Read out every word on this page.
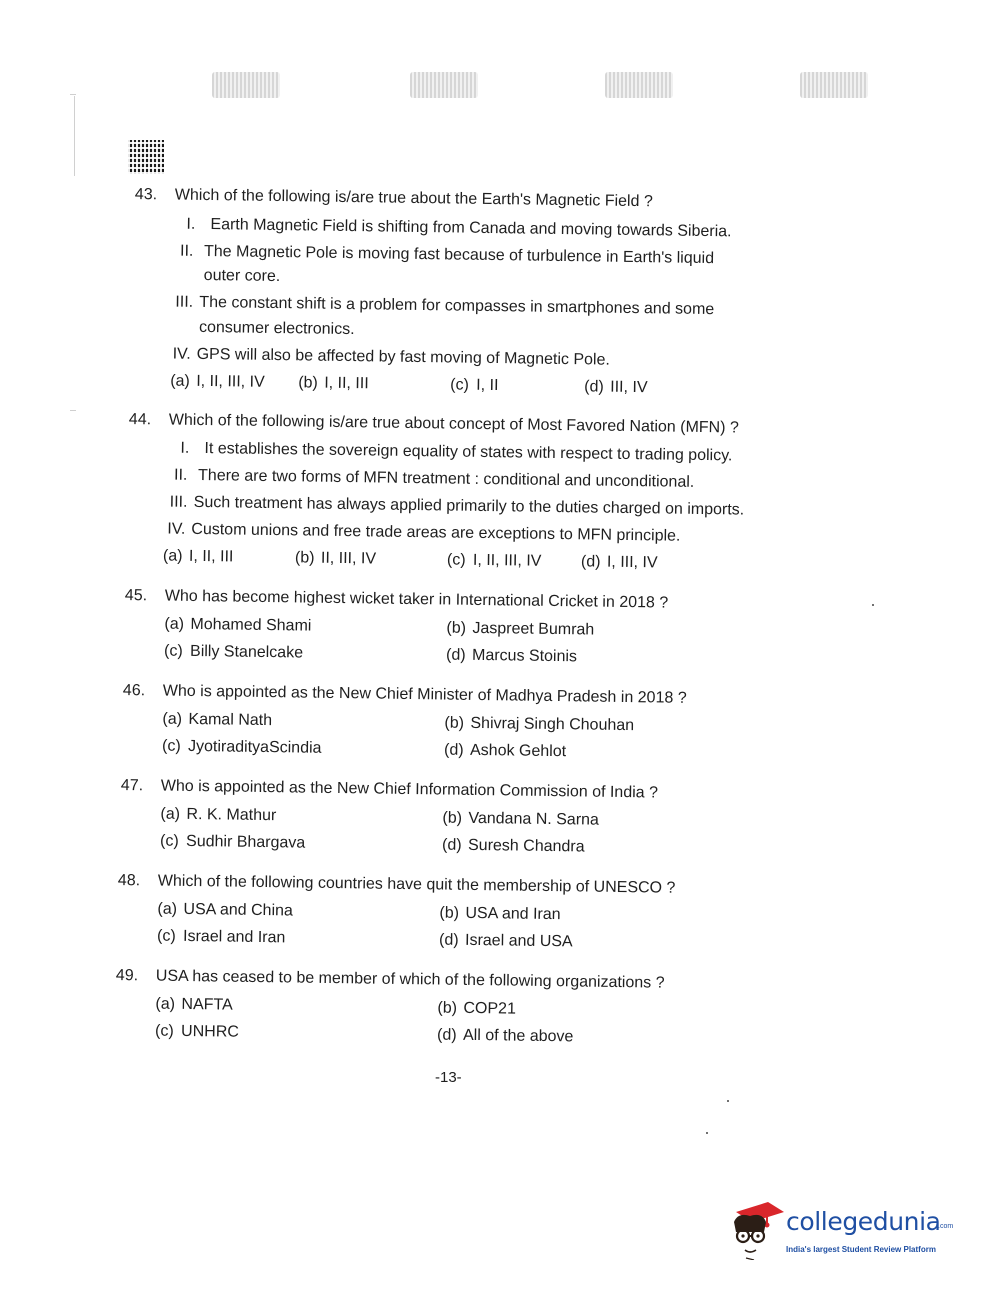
43. Which of the following is/are true about the Earth's Magnetic Field ?
I. Earth Magnetic Field is shifting from Canada and moving towards Siberia.
II. The Magnetic Pole is moving fast because of turbulence in Earth's liquid
outer core.
III. The constant shift is a problem for compasses in smartphones and some
consumer electronics.
IV. GPS will also be affected by fast moving of Magnetic Pole.
(a) I, II, III, IV (b) I, II, III	(c) I, II	(d) III, IV
44. Which of the following is/are true about concept of Most Favored Nation (MFN) ?
I. It establishes the sovereign equality of states with respect to trading policy.
II. There are two forms of MFN treatment : conditional and unconditional.
III. Such treatment has always applied primarily to the duties charged on imports.
IV. Custom unions and free trade areas are exceptions to MFN principle.
(a) I, II, III	(b) II, III, IV	(c) I, II, III, IV (d) I, III, IV
45. Who has become highest wicket taker in International Cricket in 2018 ?
(a) Mohamed Shami	(b) Jaspreet Bumrah
(c) Billy Stanelcake	(d) Marcus Stoinis
46. Who is appointed as the New Chief Minister of Madhya Pradesh in 2018 ?
(a) Kamal Nath	(b) Shivraj Singh Chouhan
(c) JyotiradityaScindia	(d) Ashok Gehlot
47. Who is appointed as the New Chief Information Commission of India ?
(a) R. K. Mathur	(b) Vandana N. Sarna
(c) Sudhir Bhargava	(d) Suresh Chandra
48. Which of the following countries have quit the membership of UNESCO ?
(a) USA and China	(b) USA and Iran
(c) Israel and Iran	(d) Israel and USA
49. USA has ceased to be member of which of the following organizations ?
(a) NAFTA	(b) COP21
(c) UNHRC	(d) All of the above
-13-
collegedunia
.com
India's largest Student Review Platform
